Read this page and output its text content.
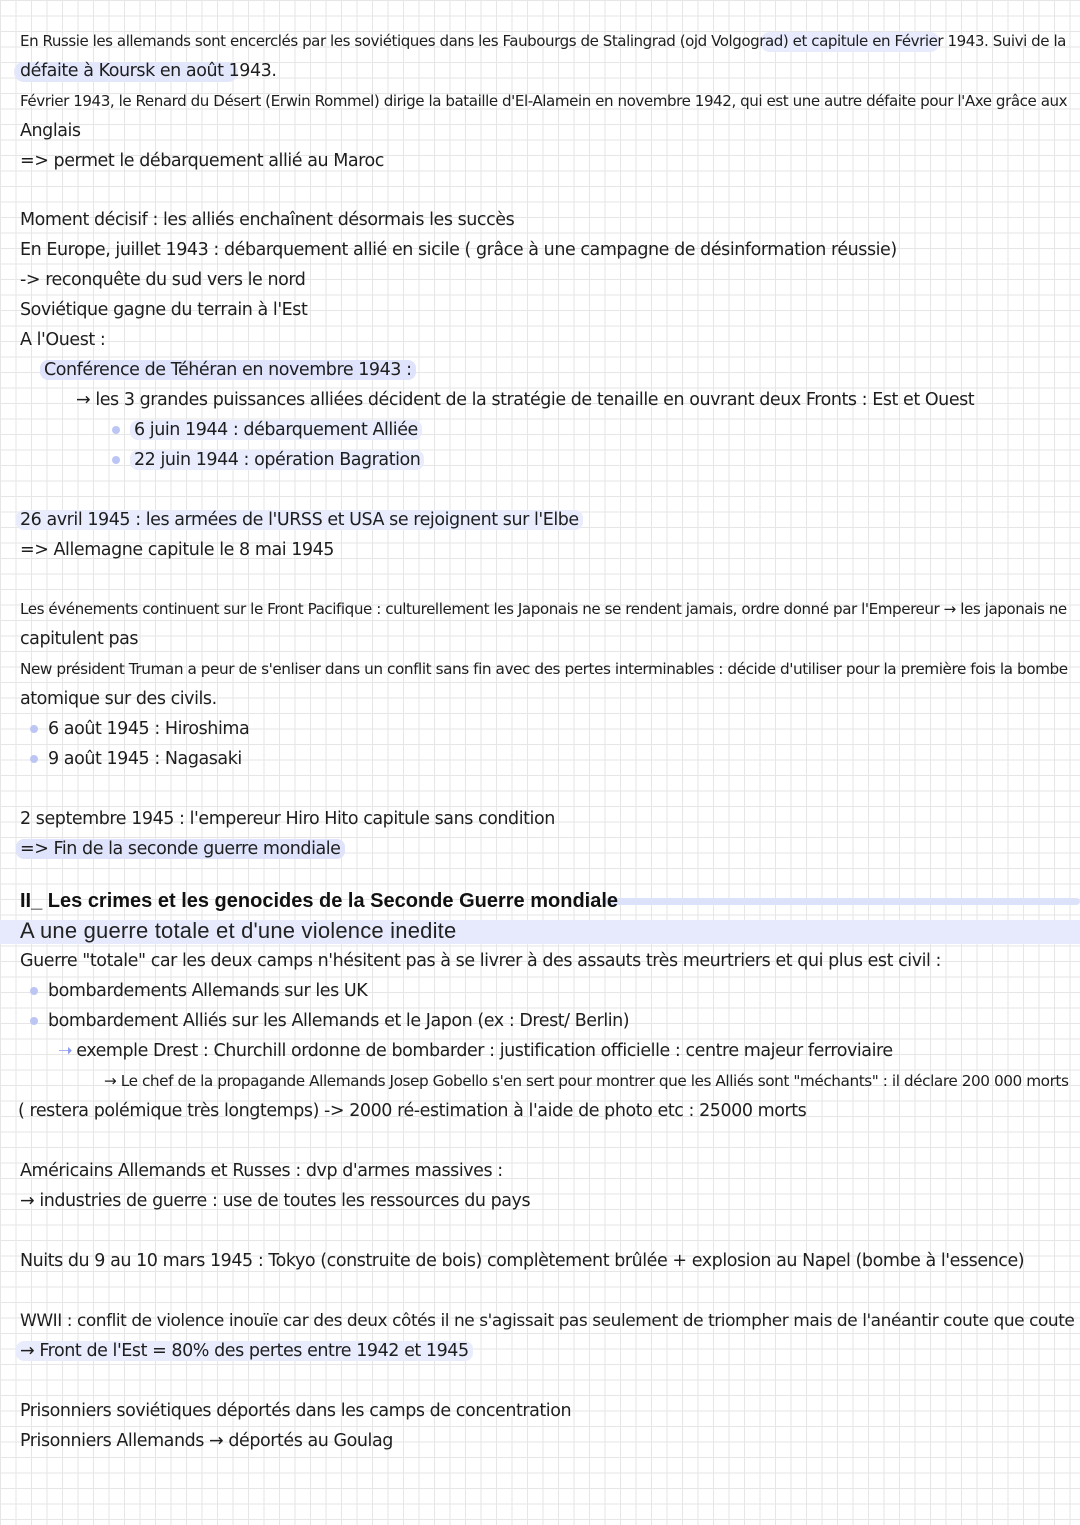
En Russie les allemands sont encerclés par les soviétiques dans les Faubourgs de Stalingrad (ojd Volgograd) et capitule en Février 1943. Suivi de la
défaite à Koursk en août 1943.
Février 1943, le Renard du Désert (Erwin Rommel) dirige la bataille d'El-Alamein en novembre 1942, qui est une autre défaite pour l'Axe grâce aux
Anglais
=> permet le débarquement allié au Maroc
Moment décisif : les alliés enchaînent désormais les succès
En Europe, juillet 1943 : débarquement allié en sicile ( grâce à une campagne de désinformation réussie)
-> reconquête du sud vers le nord
Soviétique gagne du terrain à l'Est
A l'Ouest :
Conférence de Téhéran en novembre 1943 :
→ les 3 grandes puissances alliées décident de la stratégie de tenaille en ouvrant deux Fronts : Est et Ouest
6 juin 1944 : débarquement Alliée
22 juin 1944 : opération Bagration
26 avril 1945 : les armées de l'URSS et USA se rejoignent sur l'Elbe
=> Allemagne capitule le 8 mai 1945
Les événements continuent sur le Front Pacifique : culturellement les Japonais ne se rendent jamais, ordre donné par l'Empereur → les japonais ne
capitulent pas
New président Truman a peur de s'enliser dans un conflit sans fin avec des pertes interminables : décide d'utiliser pour la première fois la bombe
atomique sur des civils.
6 août 1945 : Hiroshima
9 août 1945 : Nagasaki
2 septembre 1945 : l'empereur Hiro Hito capitule sans condition
=> Fin de la seconde guerre mondiale
II_ Les crimes et les genocides de la Seconde Guerre mondiale
A une guerre totale et d'une violence inedite
Guerre "totale" car les deux camps n'hésitent pas à se livrer à des assauts très meurtriers et qui plus est civil :
bombardements Allemands sur les UK
bombardement Alliés sur les Allemands et le Japon (ex : Drest/ Berlin)
➝ exemple Drest : Churchill ordonne de bombarder : justification officielle : centre majeur ferroviaire
→ Le chef de la propagande Allemands Josep Gobello s'en sert pour montrer que les Alliés sont "méchants" : il déclare 200 000 morts
( restera polémique très longtemps) -> 2000 ré-estimation à l'aide de photo etc : 25000 morts
Américains Allemands et Russes : dvp d'armes massives :
→ industries de guerre : use de toutes les ressources du pays
Nuits du 9 au 10 mars 1945 : Tokyo (construite de bois) complètement brûlée + explosion au Napel (bombe à l'essence)
WWII : conflit de violence inouïe car des deux côtés il ne s'agissait pas seulement de triompher mais de l'anéantir coute que coute
→ Front de l'Est = 80% des pertes entre 1942 et 1945
Prisonniers soviétiques déportés dans les camps de concentration
Prisonniers Allemands → déportés au Goulag
